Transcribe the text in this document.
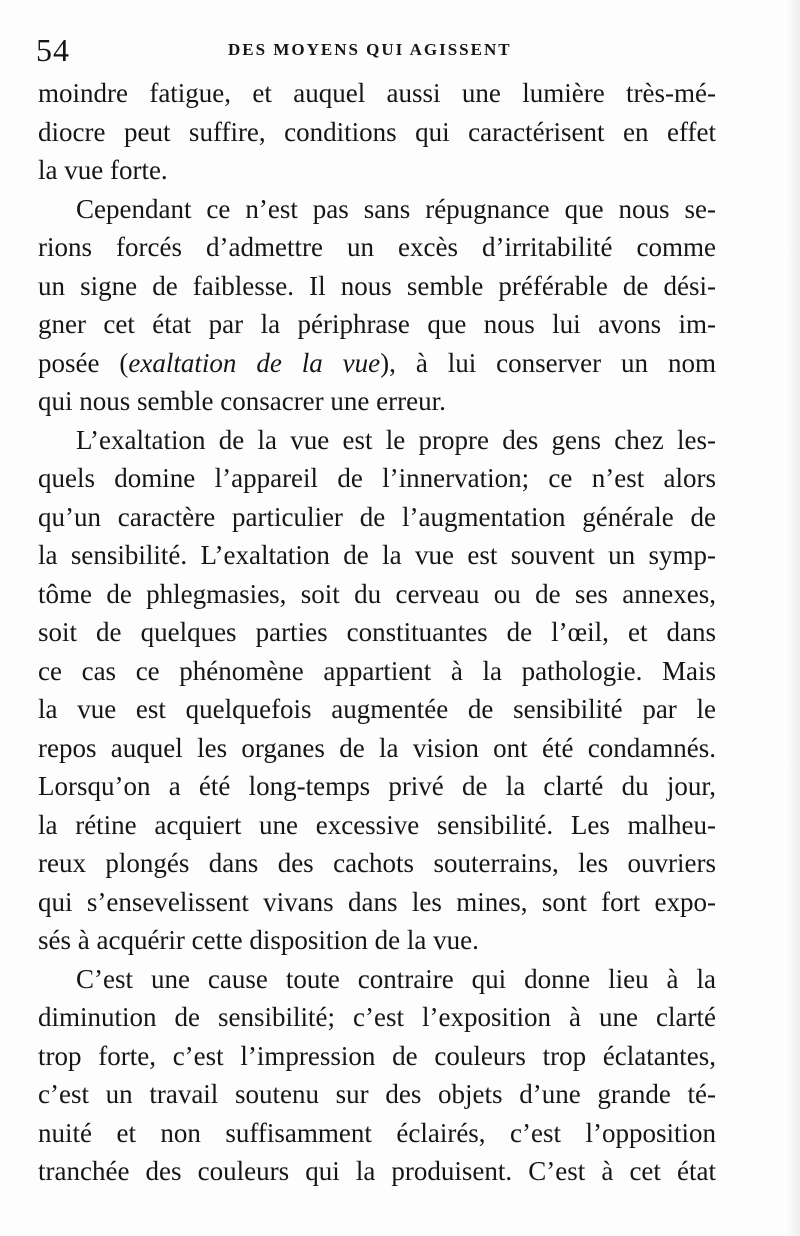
54	DES MOYENS QUI AGISSENT
moindre fatigue, et auquel aussi une lumière très-mé-
diocre peut suffire, conditions qui caractérisent en effet
la vue forte.
Cependant ce n’est pas sans répugnance que nous se-
rions forcés d’admettre un excès d’irritabilité comme
un signe de faiblesse. Il nous semble préférable de dési-
gner cet état par la périphrase que nous lui avons im-
posée (exaltation de la vue), à lui conserver un nom
qui nous semble consacrer une erreur.
L’exaltation de la vue est le propre des gens chez les-
quels domine l’appareil de l’innervation; ce n’est alors
qu’un caractère particulier de l’augmentation générale de
la sensibilité. L’exaltation de la vue est souvent un symp-
tôme de phlegmasies, soit du cerveau ou de ses annexes,
soit de quelques parties constituantes de l’œil, et dans
ce cas ce phénomène appartient à la pathologie. Mais
la vue est quelquefois augmentée de sensibilité par le
repos auquel les organes de la vision ont été condamnés.
Lorsqu’on a été long-temps privé de la clarté du jour,
la rétine acquiert une excessive sensibilité. Les malheu-
reux plongés dans des cachots souterrains, les ouvriers
qui s’ensevelissent vivans dans les mines, sont fort expo-
sés à acquérir cette disposition de la vue.
C’est une cause toute contraire qui donne lieu à la
diminution de sensibilité; c’est l’exposition à une clarté
trop forte, c’est l’impression de couleurs trop éclatantes,
c’est un travail soutenu sur des objets d’une grande té-
nuité et non suffisamment éclairés, c’est l’opposition
tranchée des couleurs qui la produisent. C’est à cet état
